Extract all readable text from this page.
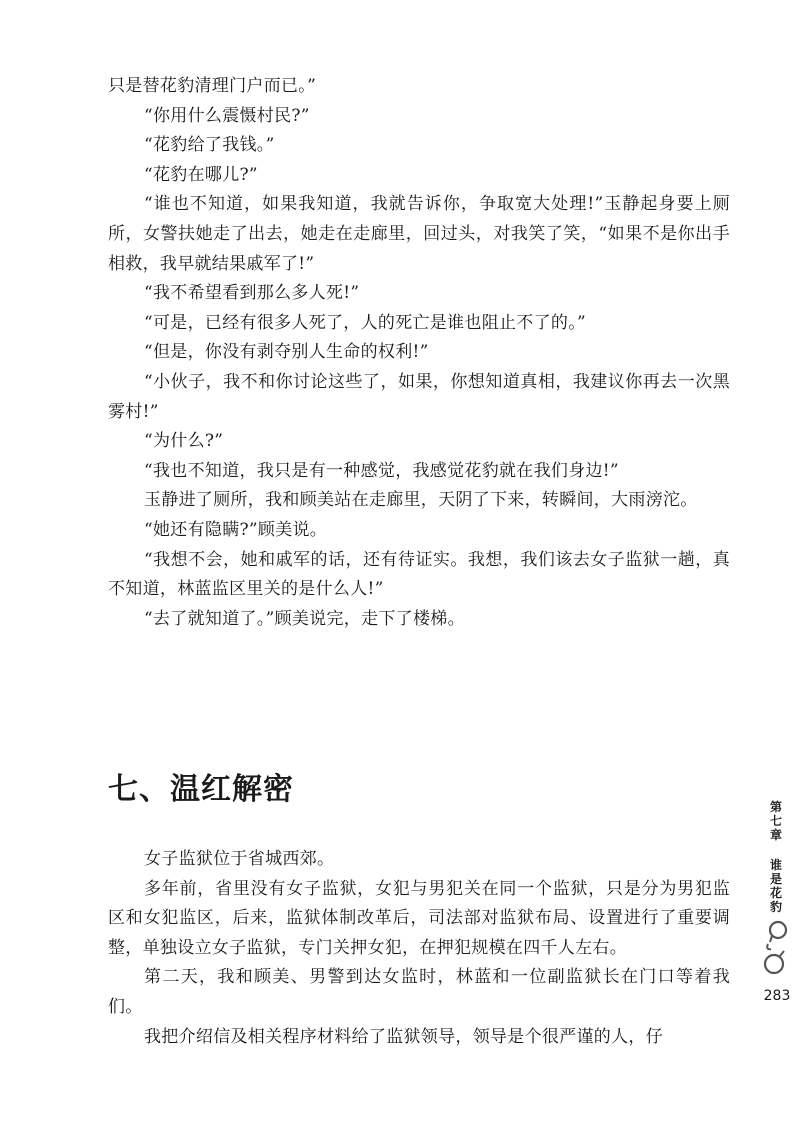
只是替花豹清理门户而已。”

“你用什么震慑村民?”

“花豹给了我钱。”

“花豹在哪儿?”

“谁也不知道，如果我知道，我就告诉你，争取宽大处理!”玉静起身要上厕所，女警扶她走了出去，她走在走廊里，回过头，对我笑了笑，“如果不是你出手相救，我早就结果戚军了!”

“我不希望看到那么多人死!”

“可是，已经有很多人死了，人的死亡是谁也阻止不了的。”

“但是，你没有剥夺别人生命的权利!”

“小伙子，我不和你讨论这些了，如果，你想知道真相，我建议你再去一次黑雾村!”

“为什么?”

“我也不知道，我只是有一种感觉，我感觉花豹就在我们身边!”

玉静进了厕所，我和顾美站在走廊里，天阴了下来，转瞬间，大雨滂沱。

“她还有隐瞒?”顾美说。

“我想不会，她和戚军的话，还有待证实。我想，我们该去女子监狱一趟，真不知道，林蓝监区里关的是什么人!”

“去了就知道了。”顾美说完，走下了楼梯。

七、温红解密

女子监狱位于省城西郊。

多年前，省里没有女子监狱，女犯与男犯关在同一个监狱，只是分为男犯监区和女犯监区，后来，监狱体制改革后，司法部对监狱布局、设置进行了重要调整，单独设立女子监狱，专门关押女犯，在押犯规模在四千人左右。

第二天，我和顾美、男警到达女监时，林蓝和一位副监狱长在门口等着我们。

我把介绍信及相关程序材料给了监狱领导，领导是个很严谨的人，仔

第
七
章
谁
是
花
豹
283
